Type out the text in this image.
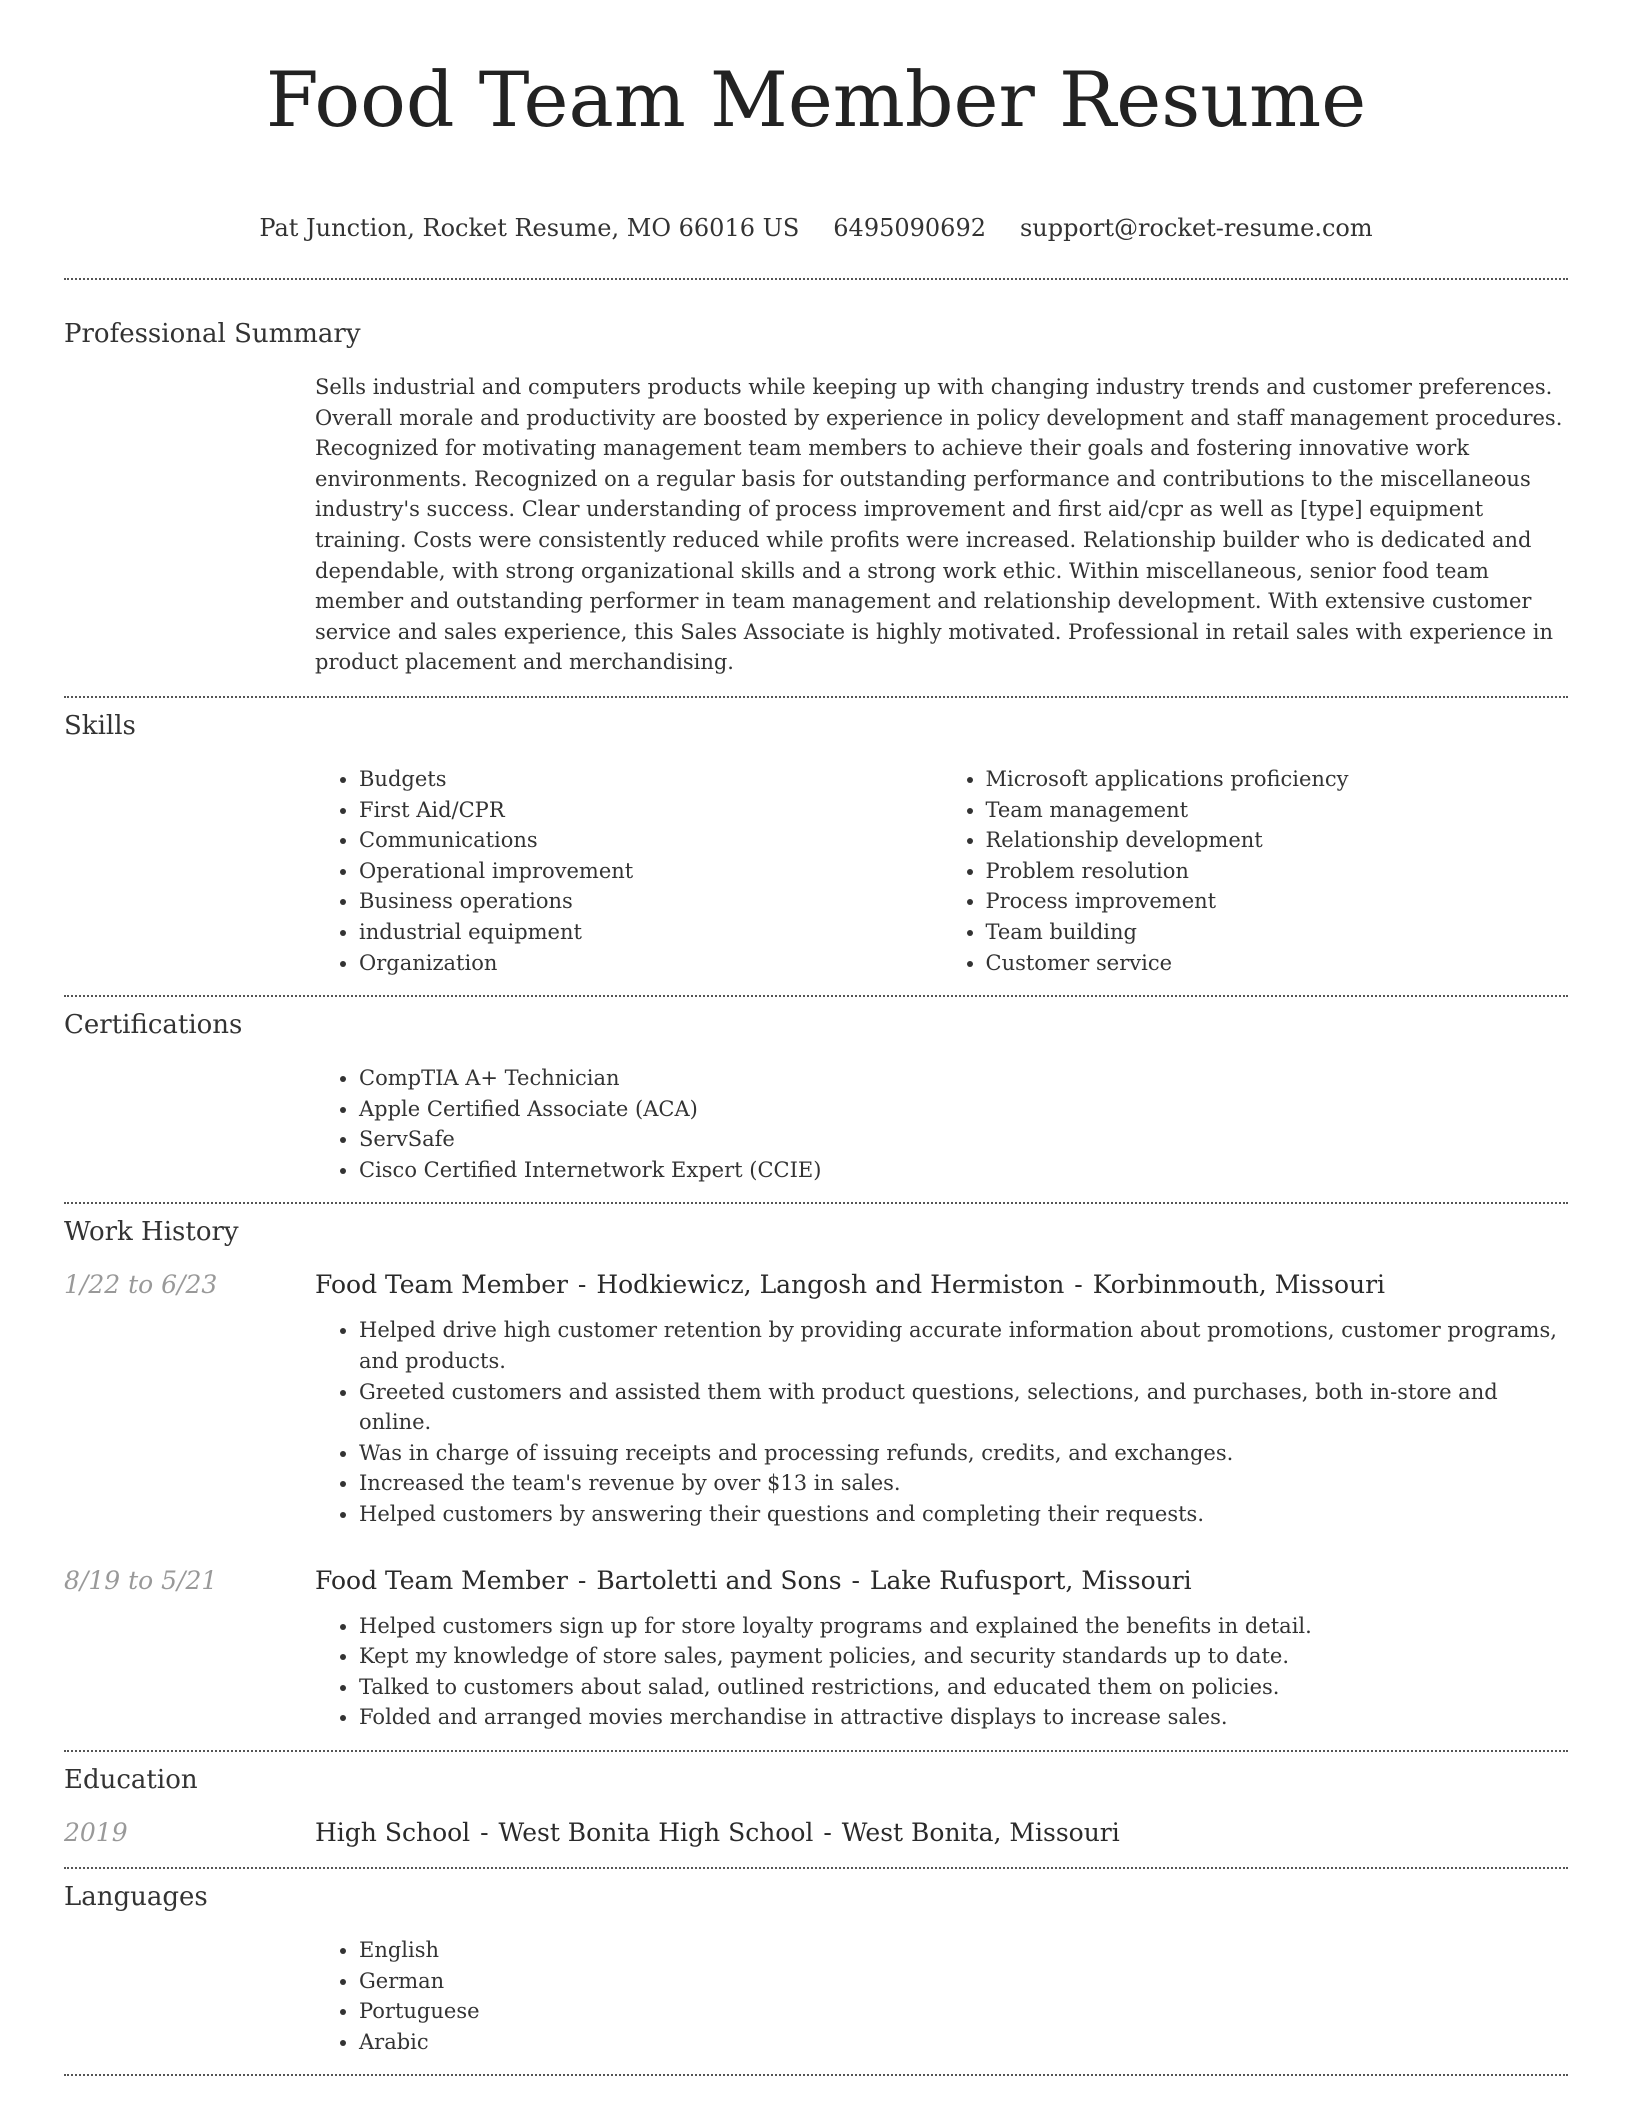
Food Team Member Resume
Pat Junction, Rocket Resume, MO 66016 US 6495090692 support@rocket-resume.com
Professional Summary

Sells industrial and computers products while keeping up with changing industry trends and customer preferences. Overall morale and productivity are boosted by experience in policy development and staff management procedures. Recognized for motivating management team members to achieve their goals and fostering innovative work environments. Recognized on a regular basis for outstanding performance and contributions to the miscellaneous industry's success. Clear understanding of process improvement and first aid/cpr as well as [type] equipment training. Costs were consistently reduced while profits were increased. Relationship builder who is dedicated and dependable, with strong organizational skills and a strong work ethic. Within miscellaneous, senior food team member and outstanding performer in team management and relationship development. With extensive customer service and sales experience, this Sales Associate is highly motivated. Professional in retail sales with experience in product placement and merchandising.

Skills
• Budgets
• First Aid/CPR
• Communications
• Operational improvement
• Business operations
• industrial equipment
• Organization
• Microsoft applications proficiency
• Team management
• Relationship development
• Problem resolution
• Process improvement
• Team building
• Customer service
Certifications
• CompTIA A+ Technician
• Apple Certified Associate (ACA)
• ServSafe
• Cisco Certified Internetwork Expert (CCIE)
Work History
1/22 to 6/23	Food Team Member - Hodkiewicz, Langosh and Hermiston - Korbinmouth, Missouri
• Helped drive high customer retention by providing accurate information about promotions, customer programs, and products.
• Greeted customers and assisted them with product questions, selections, and purchases, both in-store and online.
• Was in charge of issuing receipts and processing refunds, credits, and exchanges.
• Increased the team's revenue by over $13 in sales.
• Helped customers by answering their questions and completing their requests.
8/19 to 5/21	Food Team Member - Bartoletti and Sons - Lake Rufusport, Missouri
• Helped customers sign up for store loyalty programs and explained the benefits in detail.
• Kept my knowledge of store sales, payment policies, and security standards up to date.
• Talked to customers about salad, outlined restrictions, and educated them on policies.
• Folded and arranged movies merchandise in attractive displays to increase sales.
Education
2019	High School - West Bonita High School - West Bonita, Missouri
Languages
• English
• German
• Portuguese
• Arabic
